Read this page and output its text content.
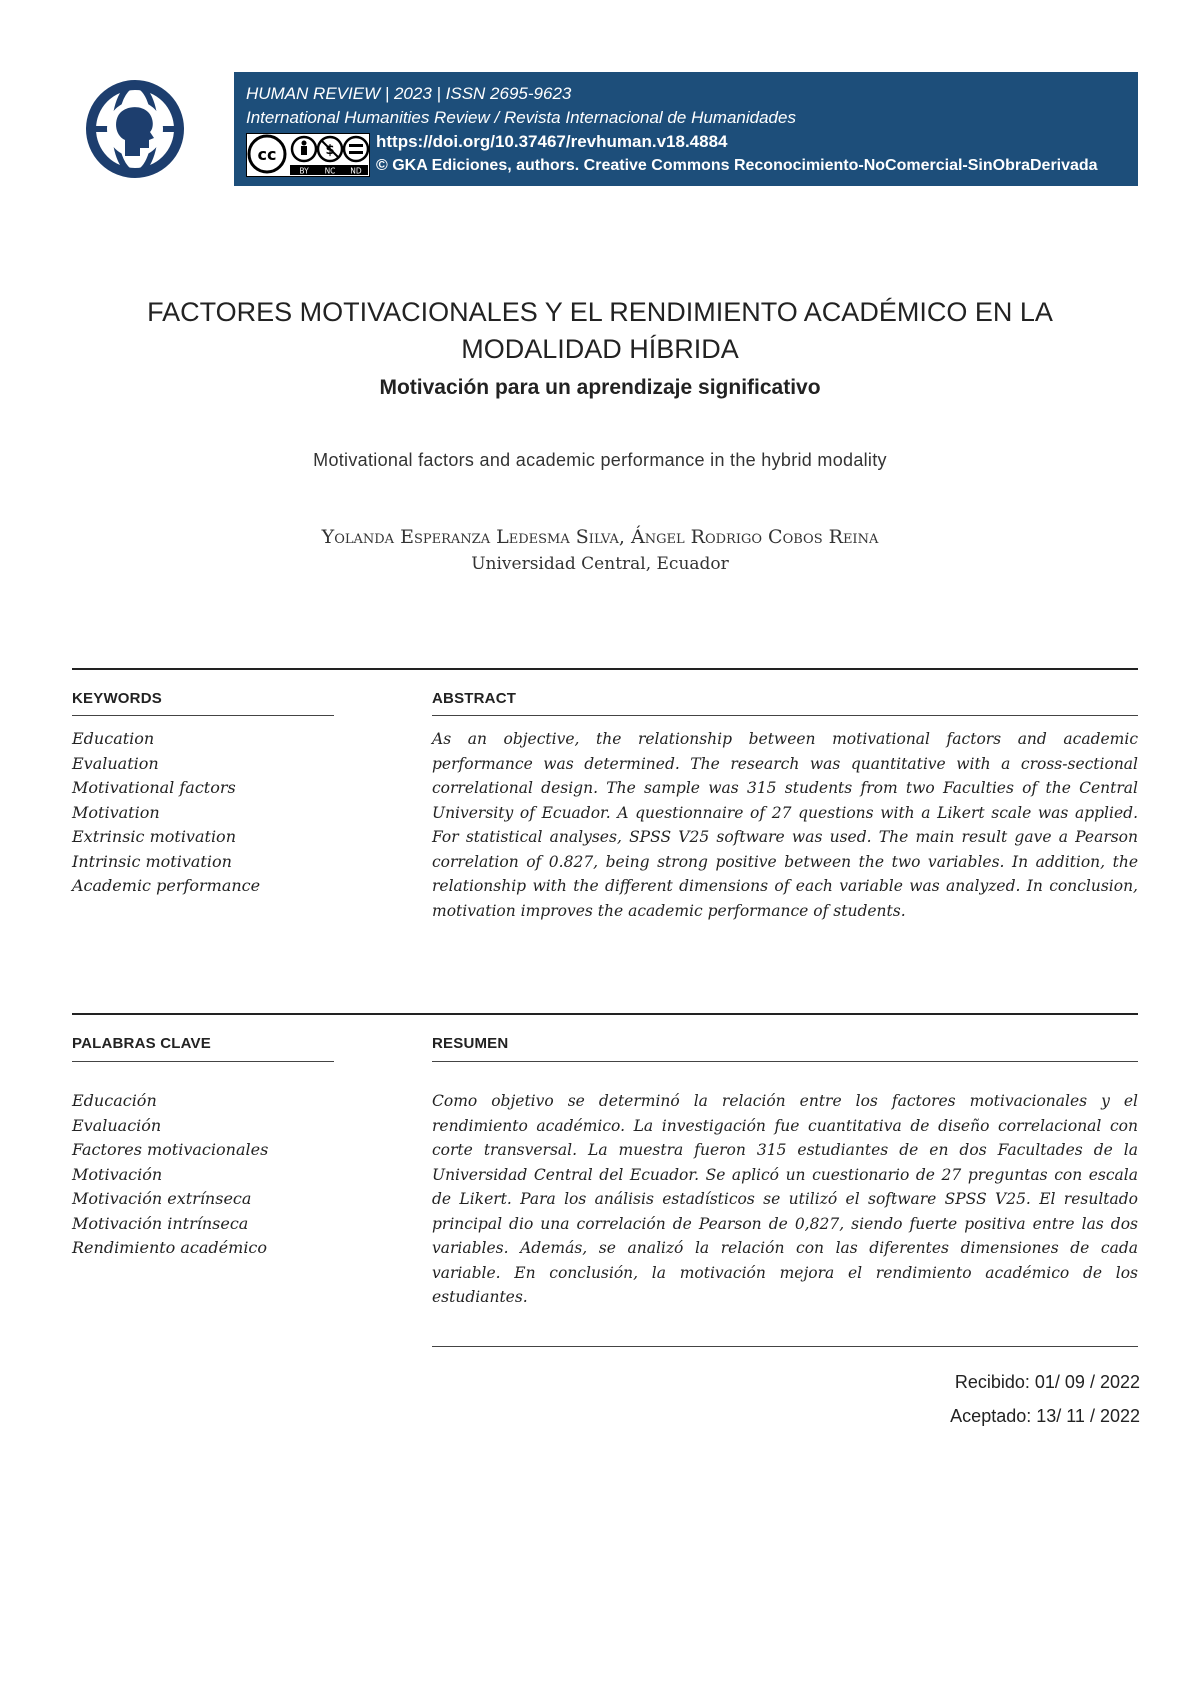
HUMAN REVIEW | 2023 | ISSN 2695-9623
International Humanities Review / Revista Internacional de Humanidades
cc	$
BY NC ND
https://doi.org/10.37467/revhuman.v18.4884
© GKA Ediciones, authors. Creative Commons Reconocimiento-NoComercial-SinObraDerivada
FACTORES MOTIVACIONALES Y EL RENDIMIENTO ACADÉMICO EN LA
MODALIDAD HÍBRIDA
Motivación para un aprendizaje significativo
Motivational factors and academic performance in the hybrid modality
Yolanda Esperanza Ledesma Silva, Ángel Rodrigo Cobos Reina
Universidad Central, Ecuador
KEYWORDS	ABSTRACT
Education
Evaluation
Motivational factors
Motivation
Extrinsic motivation
Intrinsic motivation
Academic performance
As an objective, the relationship between motivational factors and academic performance was determined. The research was quantitative with a cross-sectional correlational design. The sample was 315 students from two Faculties of the Central University of Ecuador. A questionnaire of 27 questions with a Likert scale was applied. For statistical analyses, SPSS V25 software was used. The main result gave a Pearson correlation of 0.827, being strong positive between the two variables. In addition, the relationship with the different dimensions of each variable was analyzed. In conclusion, motivation improves the academic performance of students.
PALABRAS CLAVE	RESUMEN
Educación
Evaluación
Factores motivacionales
Motivación
Motivación extrínseca
Motivación intrínseca
Rendimiento académico
Como objetivo se determinó la relación entre los factores motivacionales y el rendimiento académico. La investigación fue cuantitativa de diseño correlacional con corte transversal. La muestra fueron 315 estudiantes de en dos Facultades de la Universidad Central del Ecuador. Se aplicó un cuestionario de 27 preguntas con escala de Likert. Para los análisis estadísticos se utilizó el software SPSS V25. El resultado principal dio una correlación de Pearson de 0,827, siendo fuerte positiva entre las dos variables. Además, se analizó la relación con las diferentes dimensiones de cada variable. En conclusión, la motivación mejora el rendimiento académico de los estudiantes.
Recibido: 01/ 09 / 2022
Aceptado: 13/ 11 / 2022
